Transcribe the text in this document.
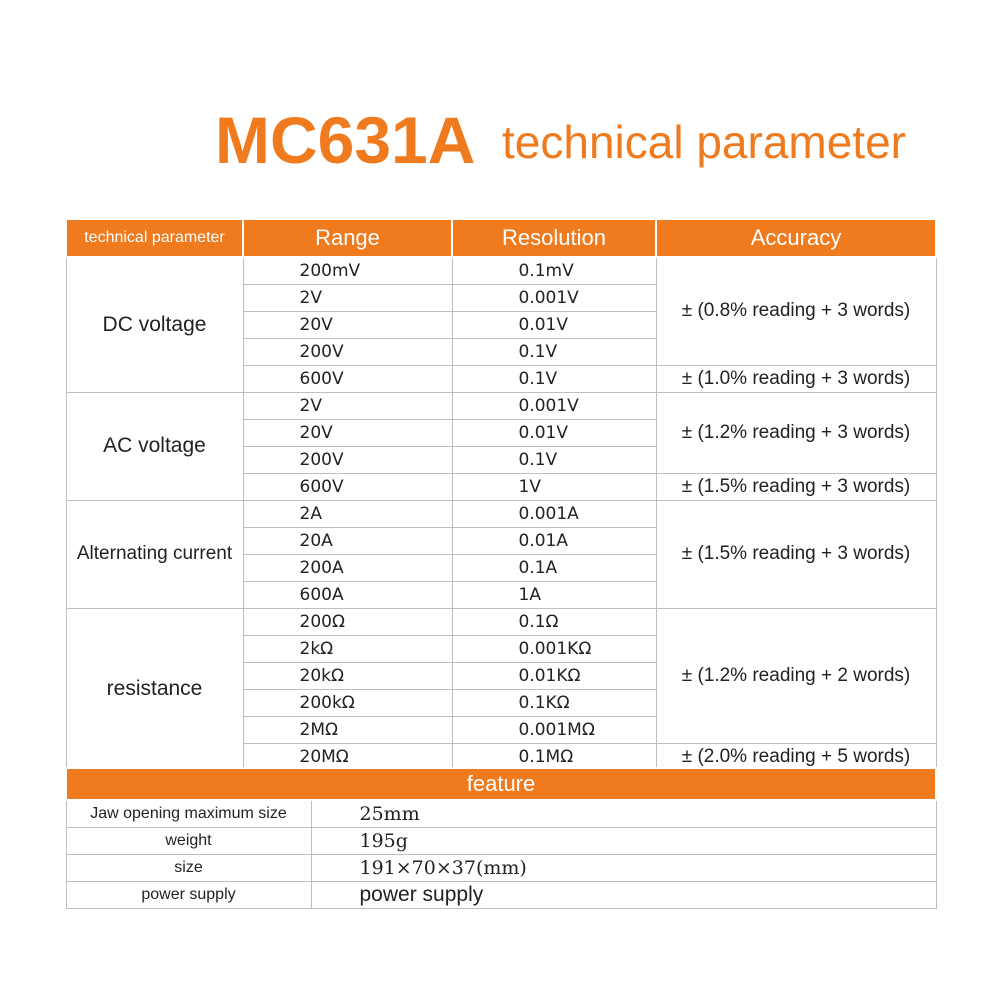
MC631A technical parameter
technical parameter	Range	Resolution	Accuracy
DC voltage	200mV	0.1mV	± (0.8% reading + 3 words)
	2V	0.001V	
	20V	0.01V	
	200V	0.1V	
	600V	0.1V	± (1.0% reading + 3 words)
AC voltage	2V	0.001V	± (1.2% reading + 3 words)
	20V	0.01V	
	200V	0.1V	
	600V	1V	± (1.5% reading + 3 words)
Alternating current	2A	0.001A	± (1.5% reading + 3 words)
	20A	0.01A	
	200A	0.1A	
	600A	1A	
resistance	200Ω	0.1Ω	± (1.2% reading + 2 words)
	2kΩ	0.001KΩ	
	20kΩ	0.01KΩ	
	200kΩ	0.1KΩ	
	2MΩ	0.001MΩ	
	20MΩ	0.1MΩ	± (2.0% reading + 5 words)
feature	
Jaw opening maximum size	25mm
weight	195g
size	191×70×37(mm)
power supply	power supply
